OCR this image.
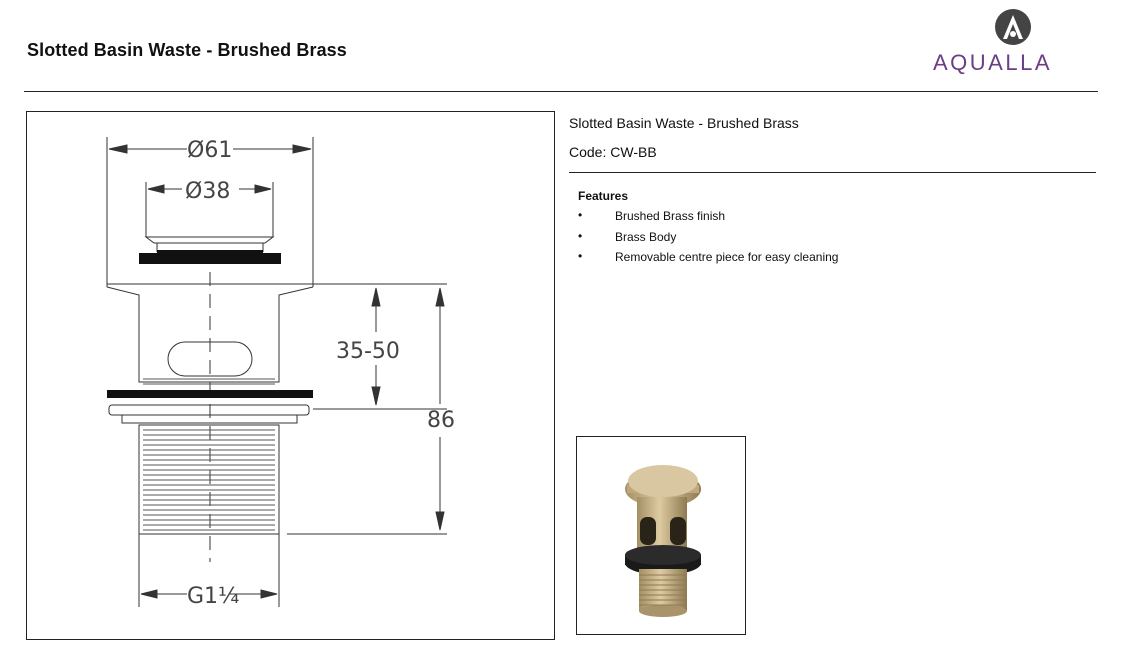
Slotted Basin Waste - Brushed Brass	AQUALLA
Ø61
Ø38
35-50
86
G1¼
Slotted Basin Waste - Brushed Brass
Code: CW-BB
Features
•	Brushed Brass finish
•	Brass Body
•	Removable centre piece for easy cleaning
